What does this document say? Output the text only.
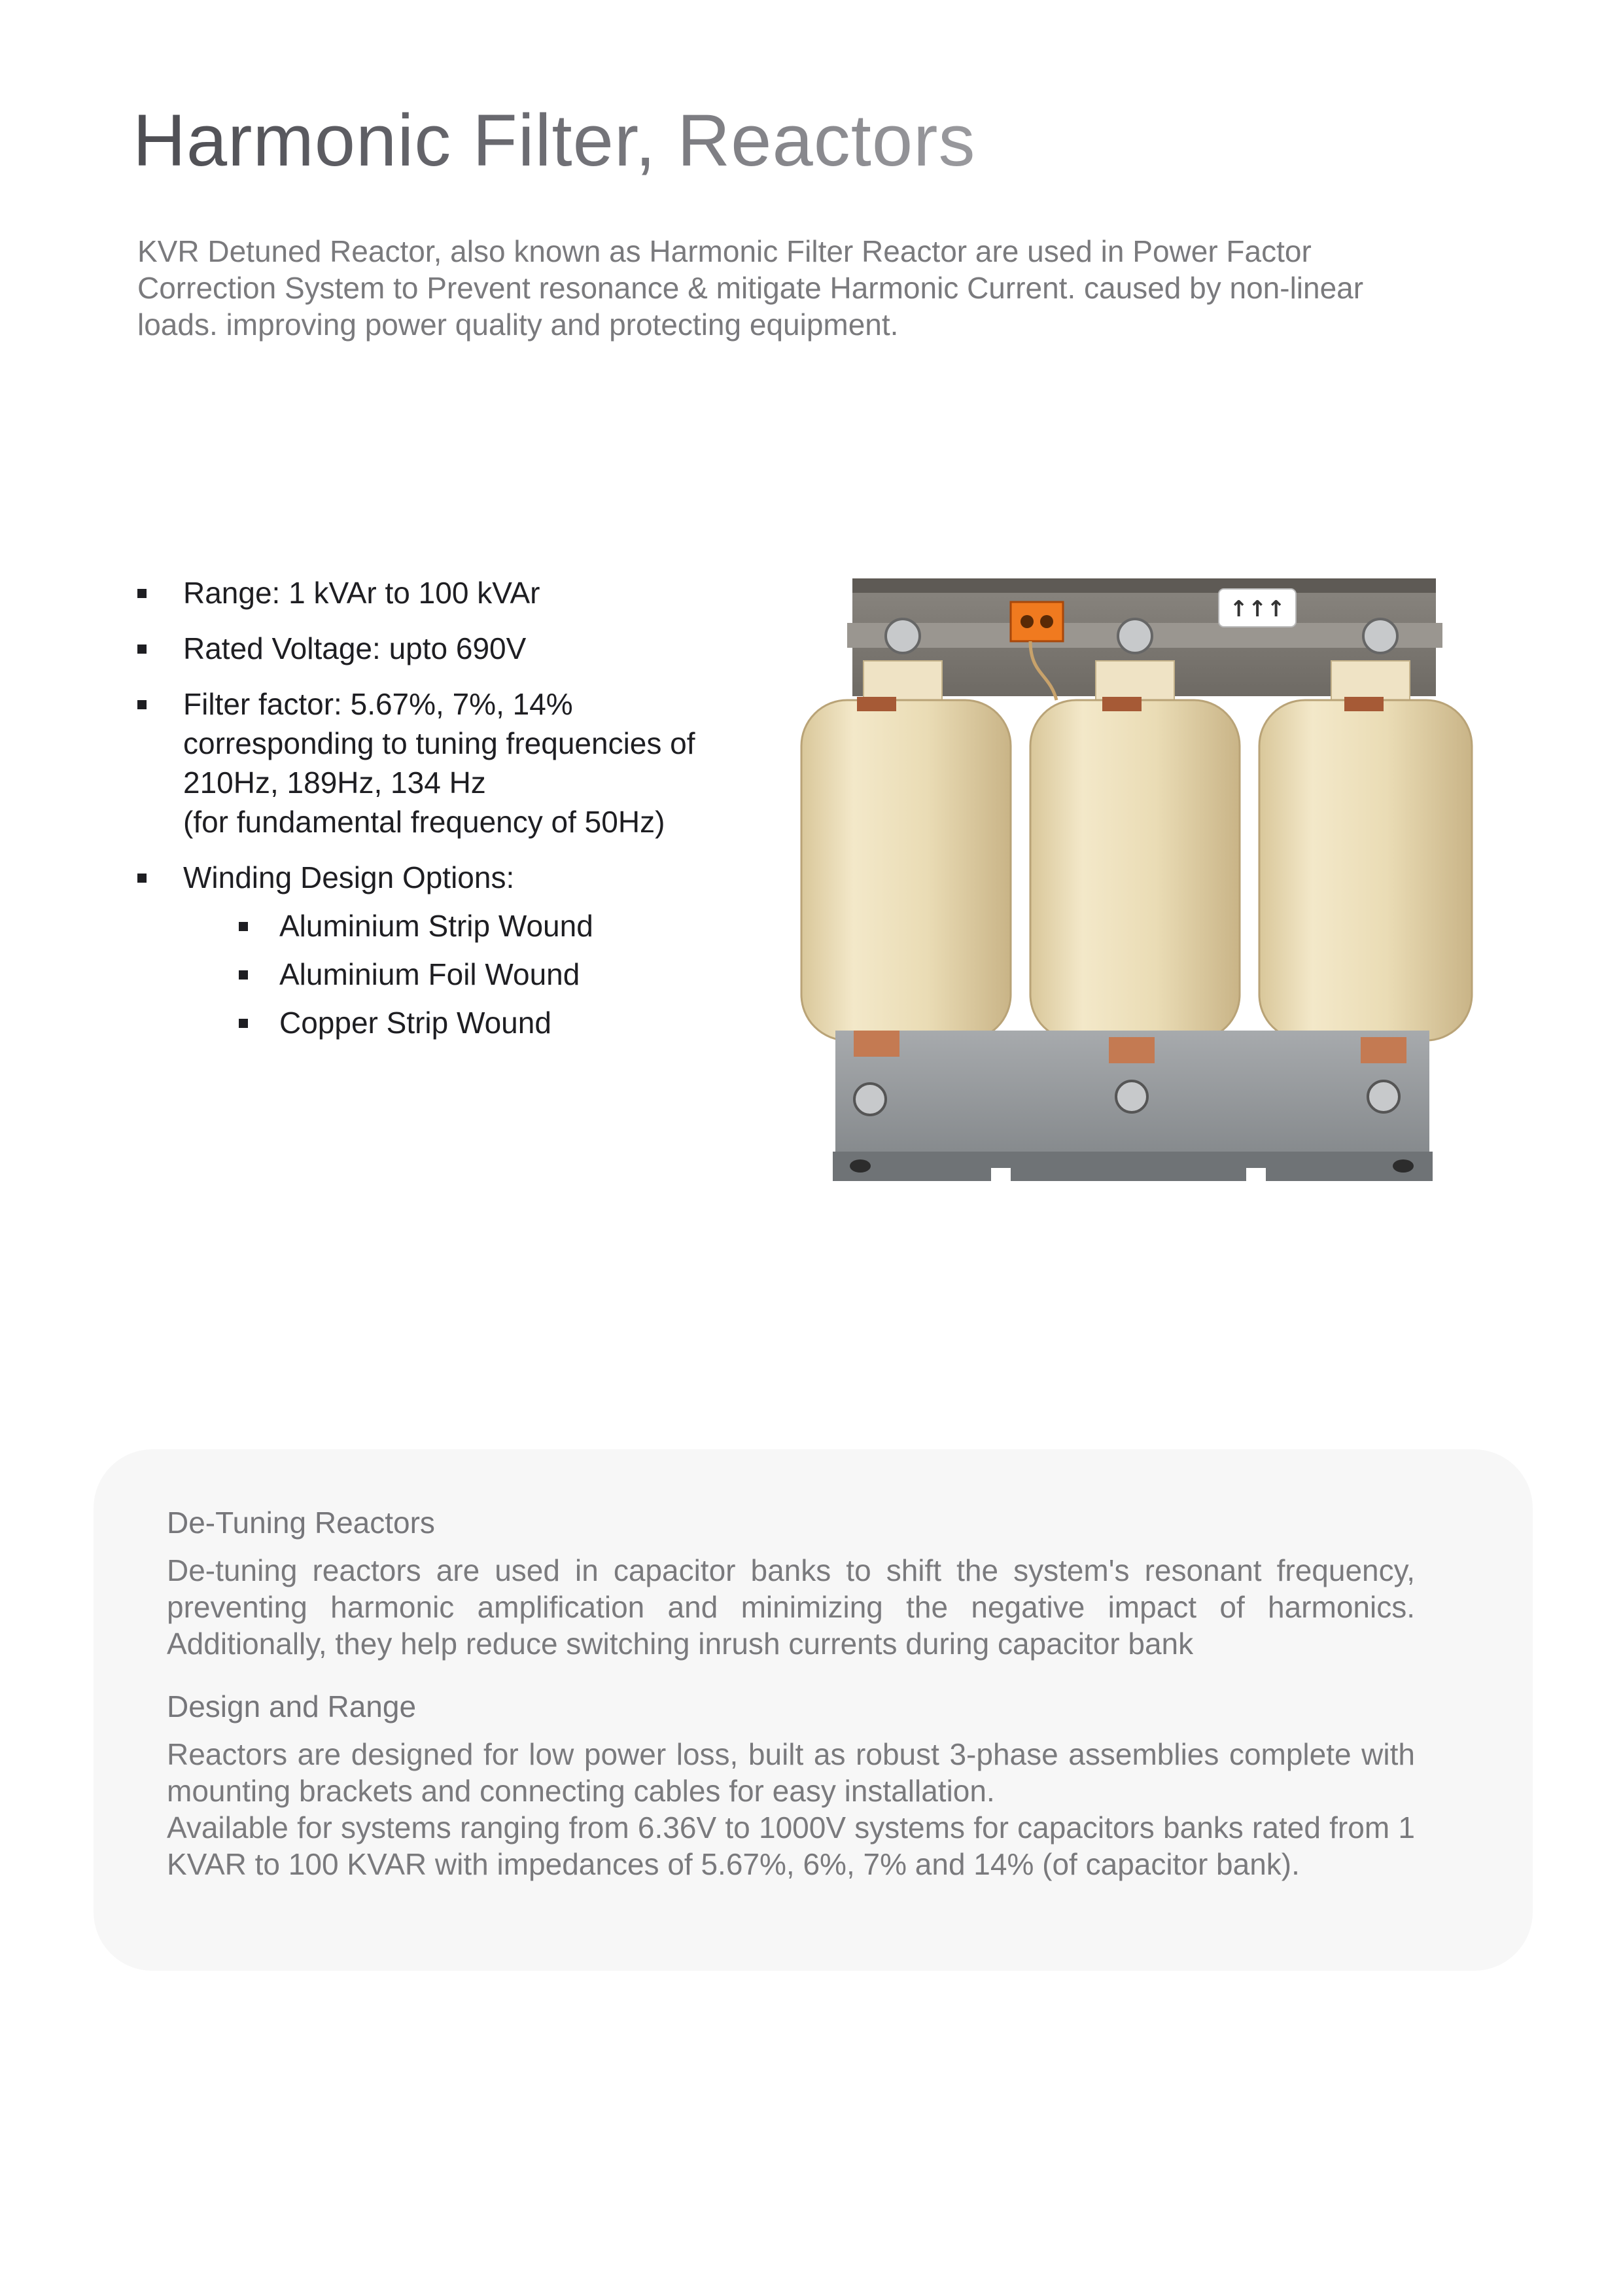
Harmonic Filter, Reactors

KVR Detuned Reactor, also known as Harmonic Filter Reactor are used in Power Factor Correction System to Prevent resonance & mitigate Harmonic Current. caused by non-linear loads. improving power quality and protecting equipment.

Range: 1 kVAr to 100 kVAr
Rated Voltage: upto 690V
Filter factor: 5.67%, 7%, 14%
corresponding to tuning frequencies of
210Hz, 189Hz, 134 Hz
(for fundamental frequency of 50Hz)
Winding Design Options:
Aluminium Strip Wound
Aluminium Foil Wound
Copper Strip Wound
↑↑↑
De-Tuning Reactors

De-tuning reactors are used in capacitor banks to shift the system's resonant frequency, preventing harmonic amplification and minimizing the negative impact of harmonics. Additionally, they help reduce switching inrush currents during capacitor bank

Design and Range

Reactors are designed for low power loss, built as robust 3-phase assemblies complete with mounting brackets and connecting cables for easy installation.

Available for systems ranging from 6.36V to 1000V systems for capacitors banks rated from 1 KVAR to 100 KVAR with impedances of 5.67%, 6%, 7% and 14% (of capacitor bank).
